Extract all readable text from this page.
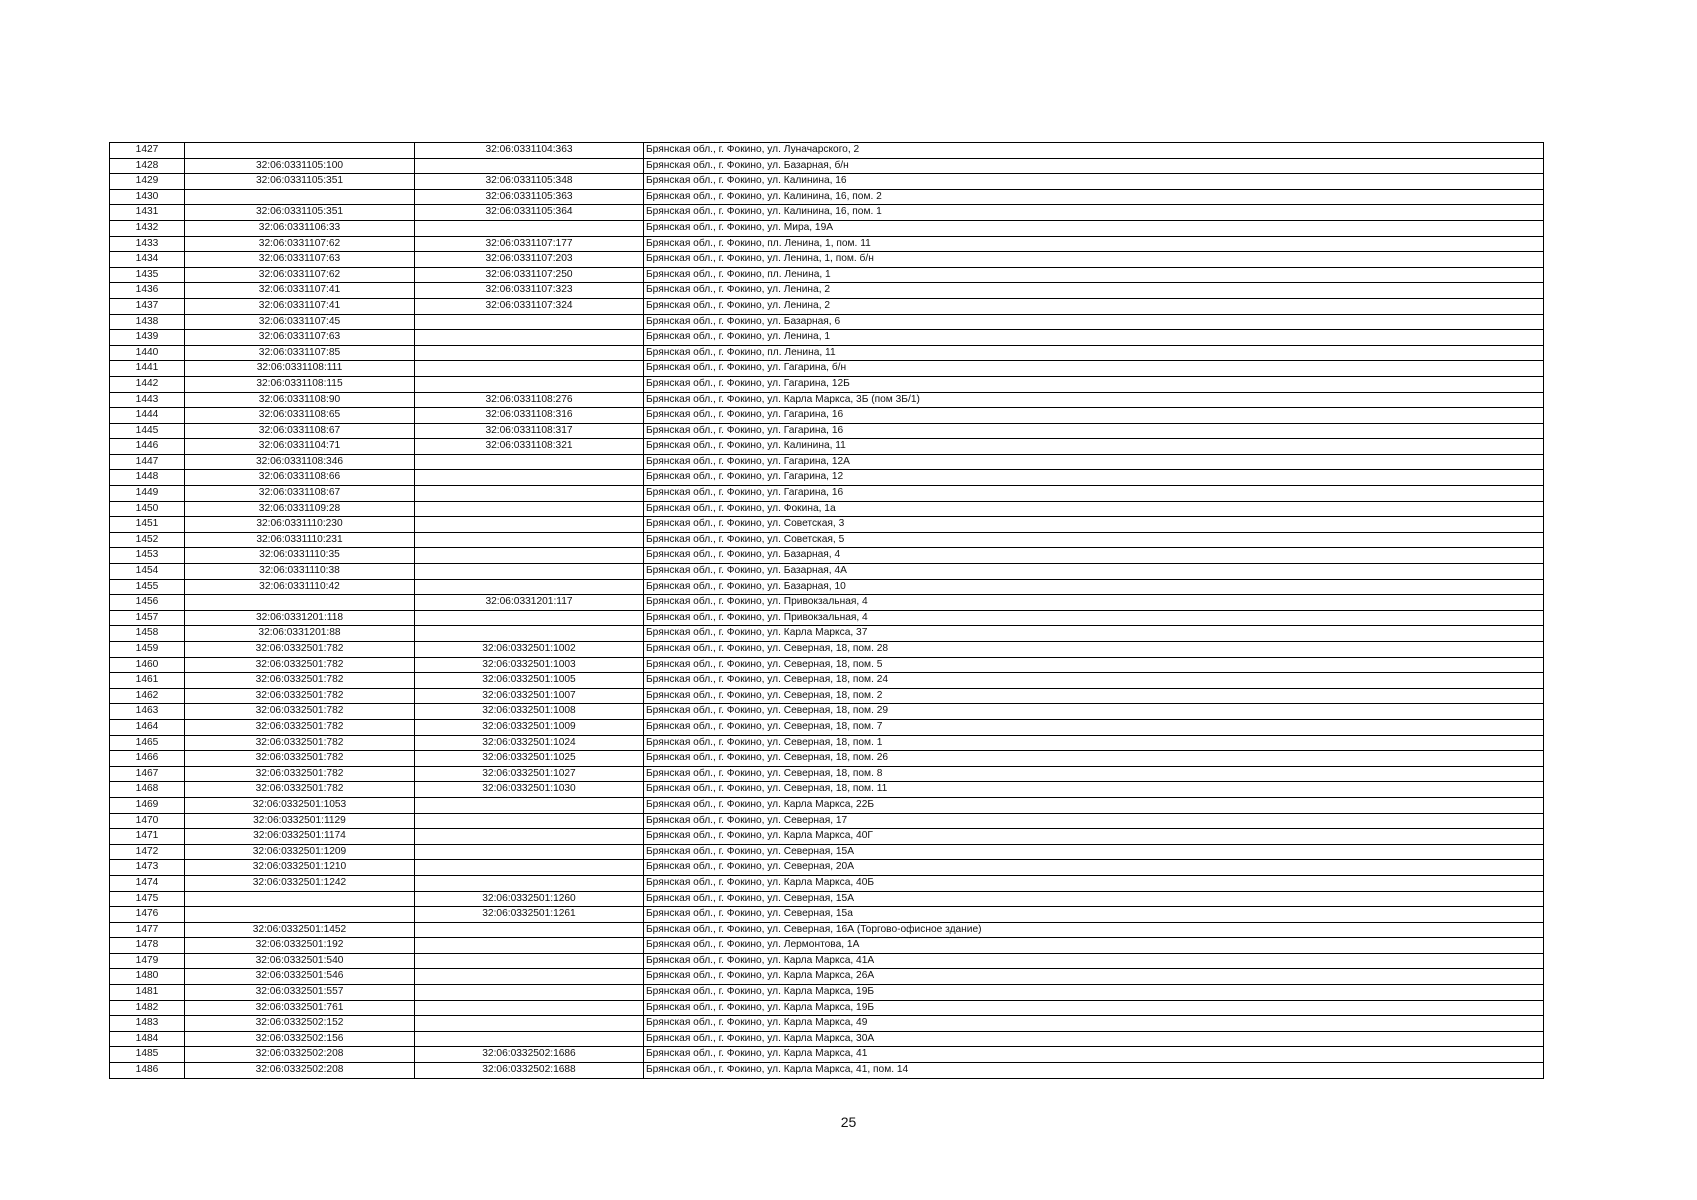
1427		32:06:0331104:363	Брянская обл., г. Фокино, ул. Луначарского, 2
1428	32:06:0331105:100		Брянская обл., г. Фокино, ул. Базарная, б/н
1429	32:06:0331105:351	32:06:0331105:348	Брянская обл., г. Фокино, ул. Калинина, 16
1430		32:06:0331105:363	Брянская обл., г. Фокино, ул. Калинина, 16, пом. 2
1431	32:06:0331105:351	32:06:0331105:364	Брянская обл., г. Фокино, ул. Калинина, 16, пом. 1
1432	32:06:0331106:33		Брянская обл., г. Фокино, ул. Мира, 19А
1433	32:06:0331107:62	32:06:0331107:177	Брянская обл., г. Фокино, пл. Ленина, 1, пом. 11
1434	32:06:0331107:63	32:06:0331107:203	Брянская обл., г. Фокино, ул. Ленина, 1, пом. б/н
1435	32:06:0331107:62	32:06:0331107:250	Брянская обл., г. Фокино, пл. Ленина, 1
1436	32:06:0331107:41	32:06:0331107:323	Брянская обл., г. Фокино, ул. Ленина, 2
1437	32:06:0331107:41	32:06:0331107:324	Брянская обл., г. Фокино, ул. Ленина, 2
1438	32:06:0331107:45		Брянская обл., г. Фокино, ул. Базарная, 6
1439	32:06:0331107:63		Брянская обл., г. Фокино, ул. Ленина, 1
1440	32:06:0331107:85		Брянская обл., г. Фокино, пл. Ленина, 11
1441	32:06:0331108:111		Брянская обл., г. Фокино, ул. Гагарина, б/н
1442	32:06:0331108:115		Брянская обл., г. Фокино, ул. Гагарина, 12Б
1443	32:06:0331108:90	32:06:0331108:276	Брянская обл., г. Фокино, ул. Карла Маркса, 3Б (пом 3Б/1)
1444	32:06:0331108:65	32:06:0331108:316	Брянская обл., г. Фокино, ул. Гагарина, 16
1445	32:06:0331108:67	32:06:0331108:317	Брянская обл., г. Фокино, ул. Гагарина, 16
1446	32:06:0331104:71	32:06:0331108:321	Брянская обл., г. Фокино, ул. Калинина, 11
1447	32:06:0331108:346		Брянская обл., г. Фокино, ул. Гагарина, 12А
1448	32:06:0331108:66		Брянская обл., г. Фокино, ул. Гагарина, 12
1449	32:06:0331108:67		Брянская обл., г. Фокино, ул. Гагарина, 16
1450	32:06:0331109:28		Брянская обл., г. Фокино, ул. Фокина, 1а
1451	32:06:0331110:230		Брянская обл., г. Фокино, ул. Советская, 3
1452	32:06:0331110:231		Брянская обл., г. Фокино, ул. Советская, 5
1453	32:06:0331110:35		Брянская обл., г. Фокино, ул. Базарная, 4
1454	32:06:0331110:38		Брянская обл., г. Фокино, ул. Базарная, 4А
1455	32:06:0331110:42		Брянская обл., г. Фокино, ул. Базарная, 10
1456		32:06:0331201:117	Брянская обл., г. Фокино, ул. Привокзальная, 4
1457	32:06:0331201:118		Брянская обл., г. Фокино, ул. Привокзальная, 4
1458	32:06:0331201:88		Брянская обл., г. Фокино, ул. Карла Маркса, 37
1459	32:06:0332501:782	32:06:0332501:1002	Брянская обл., г. Фокино, ул. Северная, 18, пом. 28
1460	32:06:0332501:782	32:06:0332501:1003	Брянская обл., г. Фокино, ул. Северная, 18, пом. 5
1461	32:06:0332501:782	32:06:0332501:1005	Брянская обл., г. Фокино, ул. Северная, 18, пом. 24
1462	32:06:0332501:782	32:06:0332501:1007	Брянская обл., г. Фокино, ул. Северная, 18, пом. 2
1463	32:06:0332501:782	32:06:0332501:1008	Брянская обл., г. Фокино, ул. Северная, 18, пом. 29
1464	32:06:0332501:782	32:06:0332501:1009	Брянская обл., г. Фокино, ул. Северная, 18, пом. 7
1465	32:06:0332501:782	32:06:0332501:1024	Брянская обл., г. Фокино, ул. Северная, 18, пом. 1
1466	32:06:0332501:782	32:06:0332501:1025	Брянская обл., г. Фокино, ул. Северная, 18, пом. 26
1467	32:06:0332501:782	32:06:0332501:1027	Брянская обл., г. Фокино, ул. Северная, 18, пом. 8
1468	32:06:0332501:782	32:06:0332501:1030	Брянская обл., г. Фокино, ул. Северная, 18, пом. 11
1469	32:06:0332501:1053		Брянская обл., г. Фокино, ул. Карла Маркса, 22Б
1470	32:06:0332501:1129		Брянская обл., г. Фокино, ул. Северная, 17
1471	32:06:0332501:1174		Брянская обл., г. Фокино, ул. Карла Маркса, 40Г
1472	32:06:0332501:1209		Брянская обл., г. Фокино, ул. Северная, 15А
1473	32:06:0332501:1210		Брянская обл., г. Фокино, ул. Северная, 20А
1474	32:06:0332501:1242		Брянская обл., г. Фокино, ул. Карла Маркса, 40Б
1475		32:06:0332501:1260	Брянская обл., г. Фокино, ул. Северная, 15А
1476		32:06:0332501:1261	Брянская обл., г. Фокино, ул. Северная, 15а
1477	32:06:0332501:1452		Брянская обл., г. Фокино, ул. Северная, 16А (Торгово-офисное здание)
1478	32:06:0332501:192		Брянская обл., г. Фокино, ул. Лермонтова, 1А
1479	32:06:0332501:540		Брянская обл., г. Фокино, ул. Карла Маркса, 41А
1480	32:06:0332501:546		Брянская обл., г. Фокино, ул. Карла Маркса, 26А
1481	32:06:0332501:557		Брянская обл., г. Фокино, ул. Карла Маркса, 19Б
1482	32:06:0332501:761		Брянская обл., г. Фокино, ул. Карла Маркса, 19Б
1483	32:06:0332502:152		Брянская обл., г. Фокино, ул. Карла Маркса, 49
1484	32:06:0332502:156		Брянская обл., г. Фокино, ул. Карла Маркса, 30А
1485	32:06:0332502:208	32:06:0332502:1686	Брянская обл., г. Фокино, ул. Карла Маркса, 41
1486	32:06:0332502:208	32:06:0332502:1688	Брянская обл., г. Фокино, ул. Карла Маркса, 41, пом. 14
25
